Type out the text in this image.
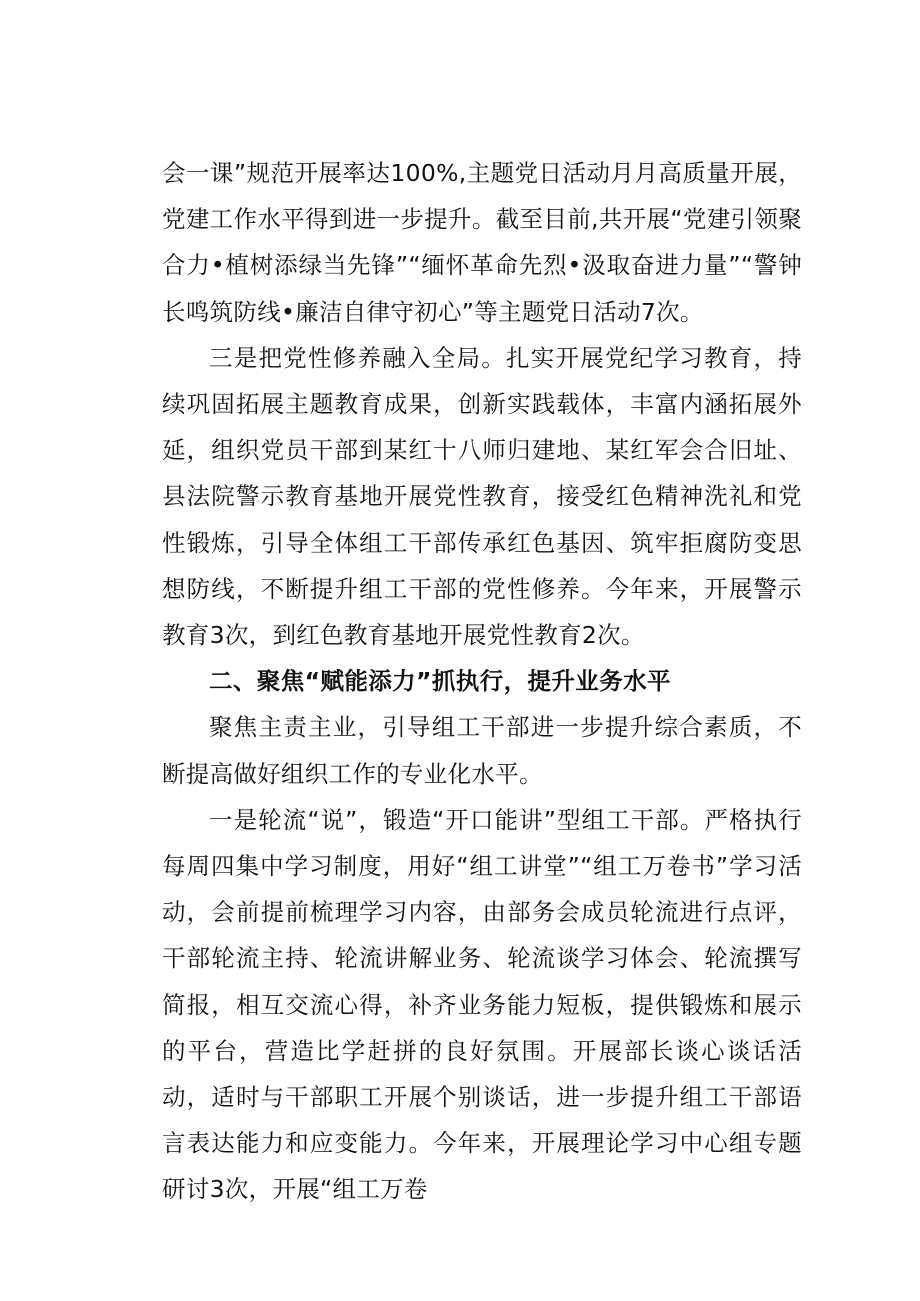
会一课”规范开展率达100%,主题党日活动月月高质量开展，党建工作水平得到进一步提升。截至目前,共开展“党建引领聚合力•植树添绿当先锋”“缅怀革命先烈•汲取奋进力量”“警钟长鸣筑防线•廉洁自律守初心”等主题党日活动7次。

三是把党性修养融入全局。扎实开展党纪学习教育，持续巩固拓展主题教育成果，创新实践载体，丰富内涵拓展外延，组织党员干部到某红十八师归建地、某红军会合旧址、县法院警示教育基地开展党性教育，接受红色精神洗礼和党性锻炼，引导全体组工干部传承红色基因、筑牢拒腐防变思想防线，不断提升组工干部的党性修养。今年来，开展警示教育3次，到红色教育基地开展党性教育2次。

二、聚焦“赋能添力”抓执行，提升业务水平

聚焦主责主业，引导组工干部进一步提升综合素质，不断提高做好组织工作的专业化水平。

一是轮流“说”，锻造“开口能讲”型组工干部。严格执行每周四集中学习制度，用好“组工讲堂”“组工万卷书”学习活动，会前提前梳理学习内容，由部务会成员轮流进行点评，干部轮流主持、轮流讲解业务、轮流谈学习体会、轮流撰写简报，相互交流心得，补齐业务能力短板，提供锻炼和展示的平台，营造比学赶拼的良好氛围。开展部长谈心谈话活动，适时与干部职工开展个别谈话，进一步提升组工干部语言表达能力和应变能力。今年来，开展理论学习中心组专题研讨3次，开展“组工万卷
